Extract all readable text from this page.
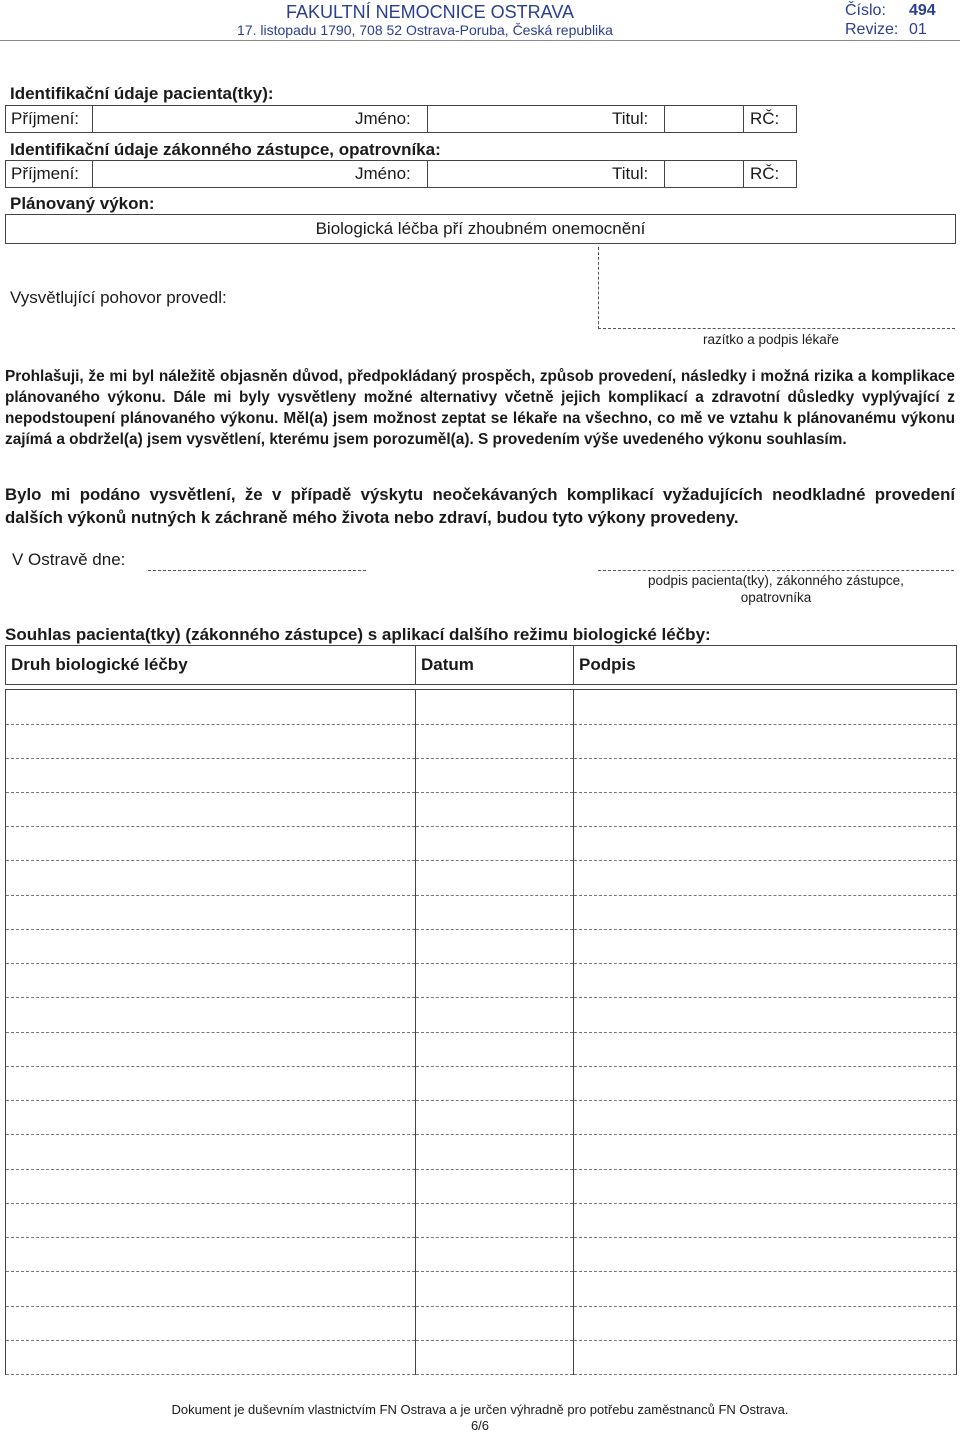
FAKULTNÍ NEMOCNICE OSTRAVA
17. listopadu 1790, 708 52 Ostrava-Poruba, Česká republika
Číslo: 494
Revize: 01
Identifikační údaje pacienta(tky):
Příjmení:	Jméno:	Titul:	RČ:
Identifikační údaje zákonného zástupce, opatrovníka:
Příjmení:	Jméno:	Titul:	RČ:
Plánovaný výkon:
Biologická léčba pří zhoubném onemocnění
Vysvětlující pohovor provedl:
razítko a podpis lékaře
Prohlašuji, že mi byl náležitě objasněn důvod, předpokládaný prospěch, způsob provedení, následky i možná rizika a komplikace plánovaného výkonu. Dále mi byly vysvětleny možné alternativy včetně jejich komplikací a zdravotní důsledky vyplývající z nepodstoupení plánovaného výkonu. Měl(a) jsem možnost zeptat se lékaře na všechno, co mě ve vztahu k plánovanému výkonu zajímá a obdržel(a) jsem vysvětlení, kterému jsem porozuměl(a). S provedením výše uvedeného výkonu souhlasím.
Bylo mi podáno vysvětlení, že v případě výskytu neočekávaných komplikací vyžadujících neodkladné provedení dalších výkonů nutných k záchraně mého života nebo zdraví, budou tyto výkony provedeny.
V Ostravě dne:
podpis pacienta(tky), zákonného zástupce,
opatrovníka
Souhlas pacienta(tky) (zákonného zástupce) s aplikací dalšího režimu biologické léčby:
Druh biologické léčby	Datum	Podpis

Dokument je duševním vlastnictvím FN Ostrava a je určen výhradně pro potřebu zaměstnanců FN Ostrava.
6/6
